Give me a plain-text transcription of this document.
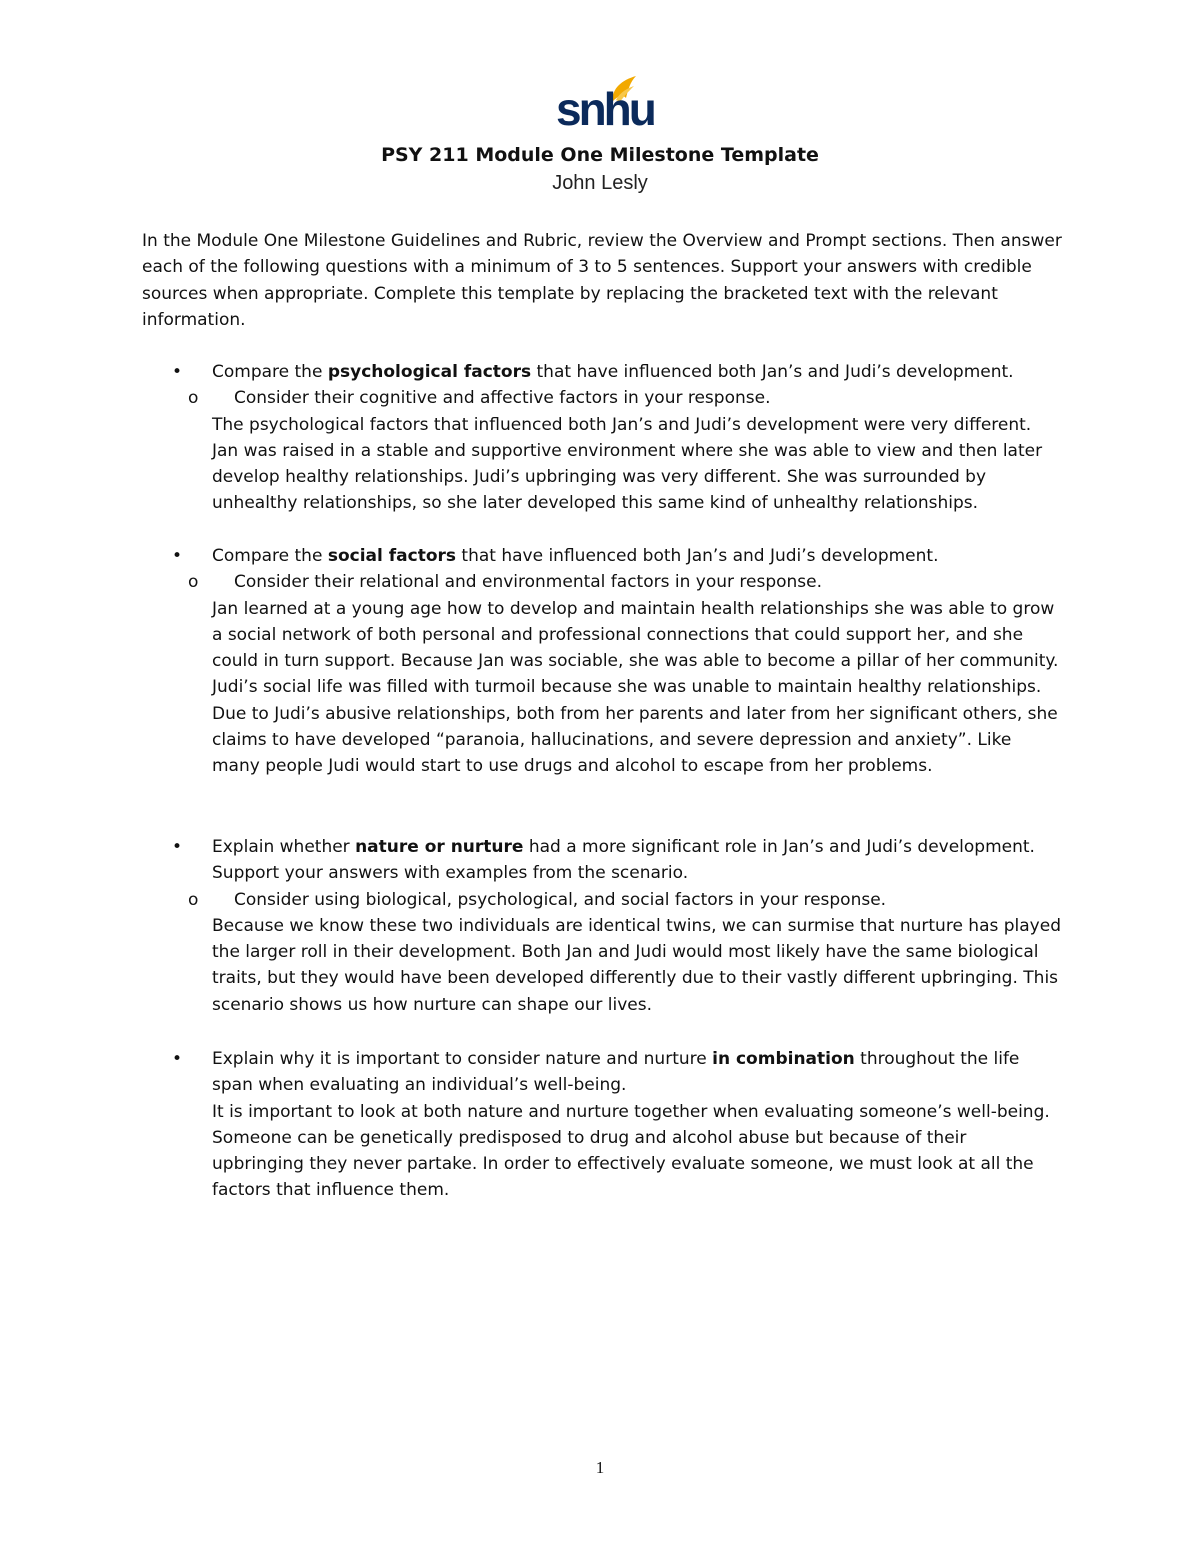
snhu
PSY 211 Module One Milestone Template
John Lesly
In the Module One Milestone Guidelines and Rubric, review the Overview and Prompt sections. Then answer each of the following questions with a minimum of 3 to 5 sentences. Support your answers with credible sources when appropriate. Complete this template by replacing the bracketed text with the relevant information.
• Compare the psychological factors that have influenced both Jan’s and Judi’s development.
o Consider their cognitive and affective factors in your response.
The psychological factors that influenced both Jan’s and Judi’s development were very different. Jan was raised in a stable and supportive environment where she was able to view and then later develop healthy relationships. Judi’s upbringing was very different. She was surrounded by unhealthy relationships, so she later developed this same kind of unhealthy relationships.
• Compare the social factors that have influenced both Jan’s and Judi’s development.
o Consider their relational and environmental factors in your response.
Jan learned at a young age how to develop and maintain health relationships she was able to grow a social network of both personal and professional connections that could support her, and she could in turn support. Because Jan was sociable, she was able to become a pillar of her community. Judi’s social life was filled with turmoil because she was unable to maintain healthy relationships. Due to Judi’s abusive relationships, both from her parents and later from her significant others, she claims to have developed “paranoia, hallucinations, and severe depression and anxiety”. Like many people Judi would start to use drugs and alcohol to escape from her problems.
• Explain whether nature or nurture had a more significant role in Jan’s and Judi’s development. Support your answers with examples from the scenario.
o Consider using biological, psychological, and social factors in your response.
Because we know these two individuals are identical twins, we can surmise that nurture has played the larger roll in their development. Both Jan and Judi would most likely have the same biological traits, but they would have been developed differently due to their vastly different upbringing. This scenario shows us how nurture can shape our lives.
• Explain why it is important to consider nature and nurture in combination throughout the life span when evaluating an individual’s well-being.
It is important to look at both nature and nurture together when evaluating someone’s well-being. Someone can be genetically predisposed to drug and alcohol abuse but because of their upbringing they never partake. In order to effectively evaluate someone, we must look at all the factors that influence them.
1
